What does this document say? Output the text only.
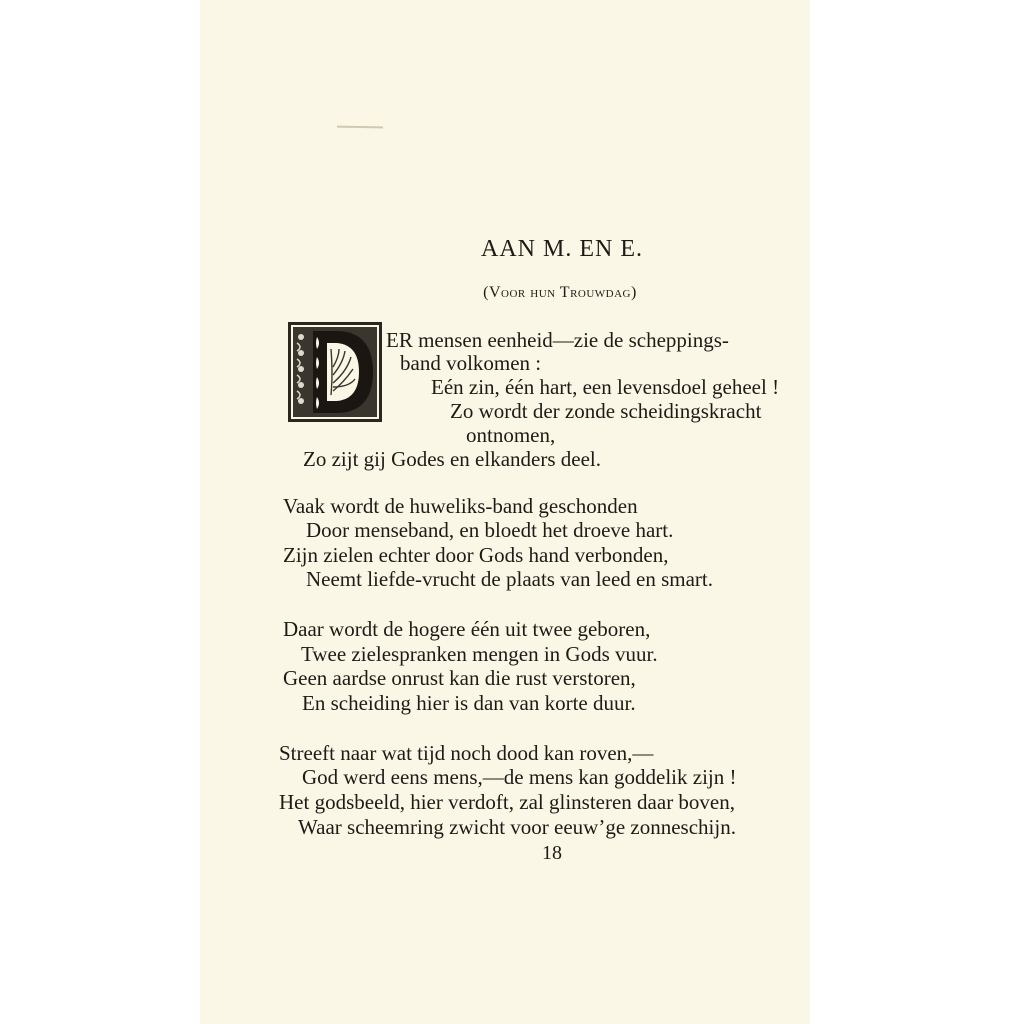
AAN M. EN E.
(Voor hun Trouwdag)
ER mensen eenheid—zie de scheppings-
band volkomen :
Eén zin, één hart, een levensdoel geheel !
Zo wordt der zonde scheidingskracht
ontnomen,
Zo zijt gij Godes en elkanders deel.
Vaak wordt de huweliks-band geschonden
Door menseband, en bloedt het droeve hart.
Zijn zielen echter door Gods hand verbonden,
Neemt liefde-vrucht de plaats van leed en smart.
Daar wordt de hogere één uit twee geboren,
Twee zielespranken mengen in Gods vuur.
Geen aardse onrust kan die rust verstoren,
En scheiding hier is dan van korte duur.
Streeft naar wat tijd noch dood kan roven,—
God werd eens mens,—de mens kan goddelik zijn !
Het godsbeeld, hier verdoft, zal glinsteren daar boven,
Waar scheemring zwicht voor eeuw’ge zonneschijn.
18
